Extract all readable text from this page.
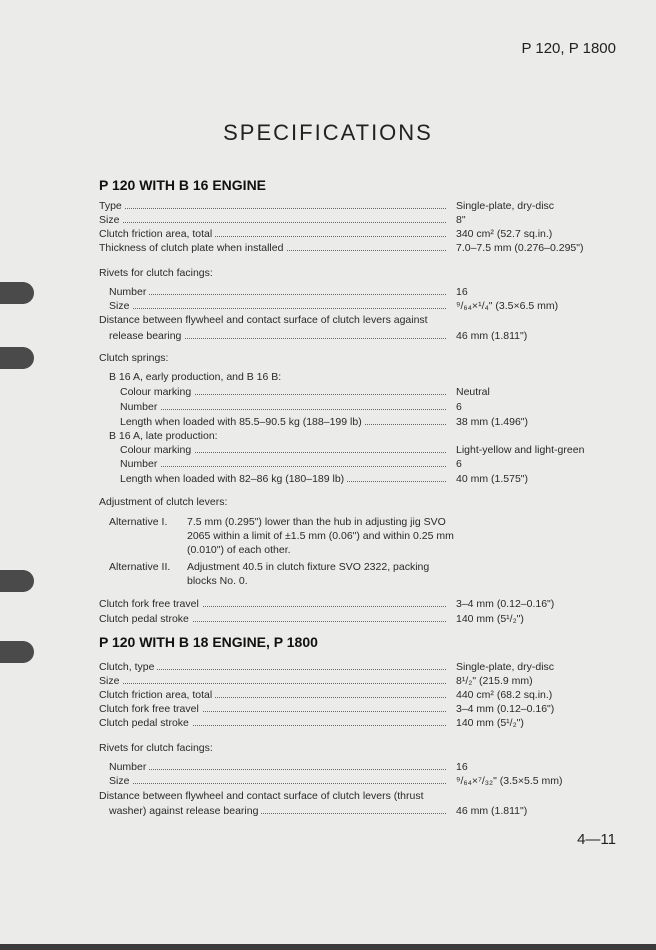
P 120, P 1800
SPECIFICATIONS
P 120 WITH B 16 ENGINE
Type	Single-plate, dry-disc
Size	8"
Clutch friction area, total	340 cm² (52.7 sq.in.)
Thickness of clutch plate when installed	7.0–7.5 mm (0.276–0.295")
Rivets for clutch facings:
Number	16
Size	⁹/₆₄×¹/₄" (3.5×6.5 mm)
Distance between flywheel and contact surface of clutch levers against
release bearing	46 mm (1.811")
Clutch springs:
B 16 A, early production, and B 16 B:
Colour marking	Neutral
Number	6
Length when loaded with 85.5–90.5 kg (188–199 lb)	38 mm (1.496")
B 16 A, late production:
Colour marking	Light-yellow and light-green
Number	6
Length when loaded with 82–86 kg (180–189 lb)	40 mm (1.575")
Adjustment of clutch levers:
Alternative I. 7.5 mm (0.295") lower than the hub in adjusting jig SVO 2065 within a limit of ±1.5 mm (0.06") and within 0.25 mm (0.010") of each other.
Alternative II. Adjustment 40.5 in clutch fixture SVO 2322, packing blocks No. 0.
Clutch fork free travel	3–4 mm (0.12–0.16")
Clutch pedal stroke	140 mm (5¹/₂")
P 120 WITH B 18 ENGINE, P 1800
Clutch, type	Single-plate, dry-disc
Size	8¹/₂" (215.9 mm)
Clutch friction area, total	440 cm² (68.2 sq.in.)
Clutch fork free travel	3–4 mm (0.12–0.16")
Clutch pedal stroke	140 mm (5¹/₂")
Rivets for clutch facings:
Number	16
Size	⁹/₆₄×⁷/₃₂" (3.5×5.5 mm)
Distance between flywheel and contact surface of clutch levers (thrust
washer) against release bearing	46 mm (1.811")
4—11
